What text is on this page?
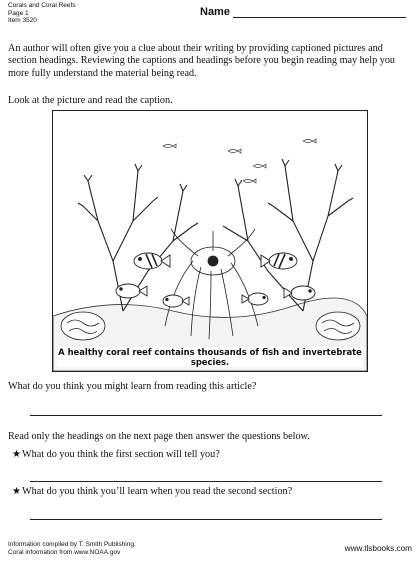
Corals and Coral Reefs
Page 1
Item 3520
Name
An author will often give you a clue about their writing by providing captioned pictures and section headings. Reviewing the captions and headings before you begin reading may help you more fully understand the material being read.
Look at the picture and read the caption.
A healthy coral reef contains thousands of fish and invertebrate species.
What do you think you might learn from reading this article?
Read only the headings on the next page then answer the questions below.
★What do you think the first section will tell you?
★What do you think you’ll learn when you read the second section?
Information compiled by T. Smith Publishing.
Coral information from www.NOAA.gov	www.tlsbooks.com
